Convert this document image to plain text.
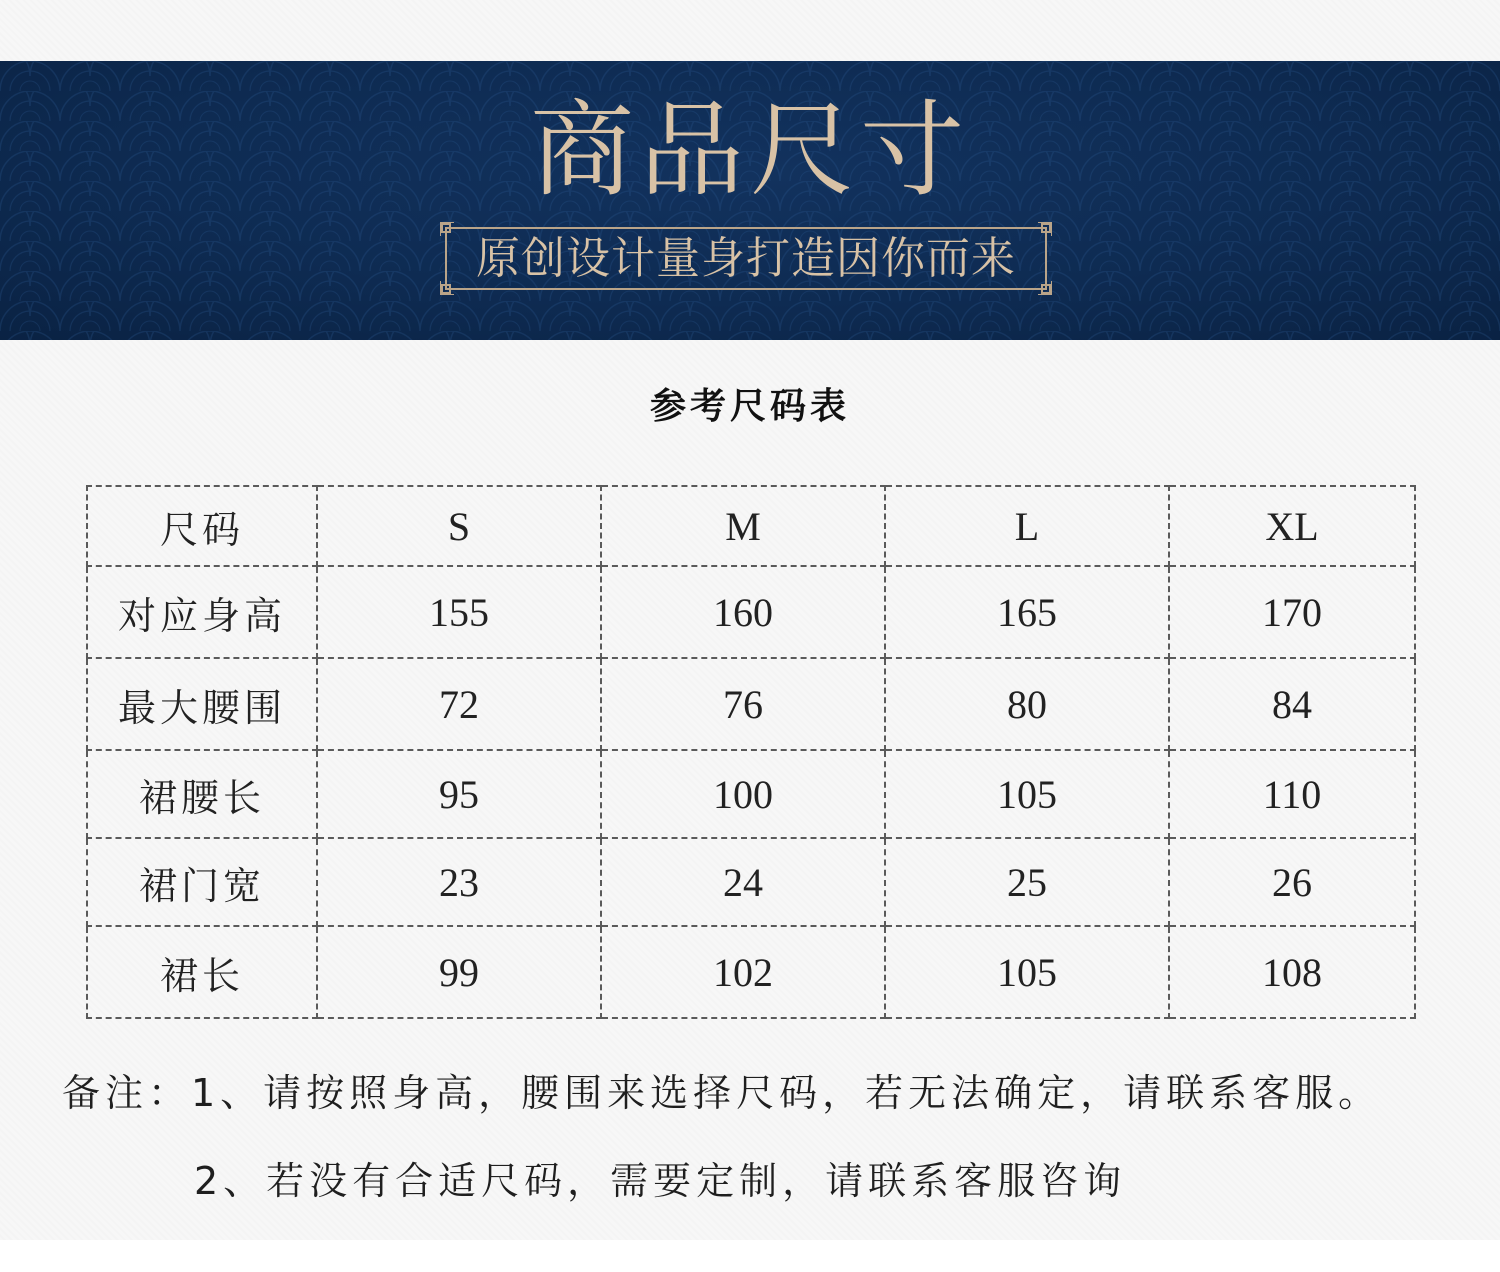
商品尺寸
原创设计量身打造因你而来
参考尺码表
尺码	S	M	L	XL
对应身高	155	160	165	170
最大腰围	72	76	80	84
裙腰长	95	100	105	110
裙门宽	23	24	25	26
裙长	99	102	105	108
备注：1、请按照身高，腰围来选择尺码，若无法确定，请联系客服。
2、若没有合适尺码，需要定制，请联系客服咨询
